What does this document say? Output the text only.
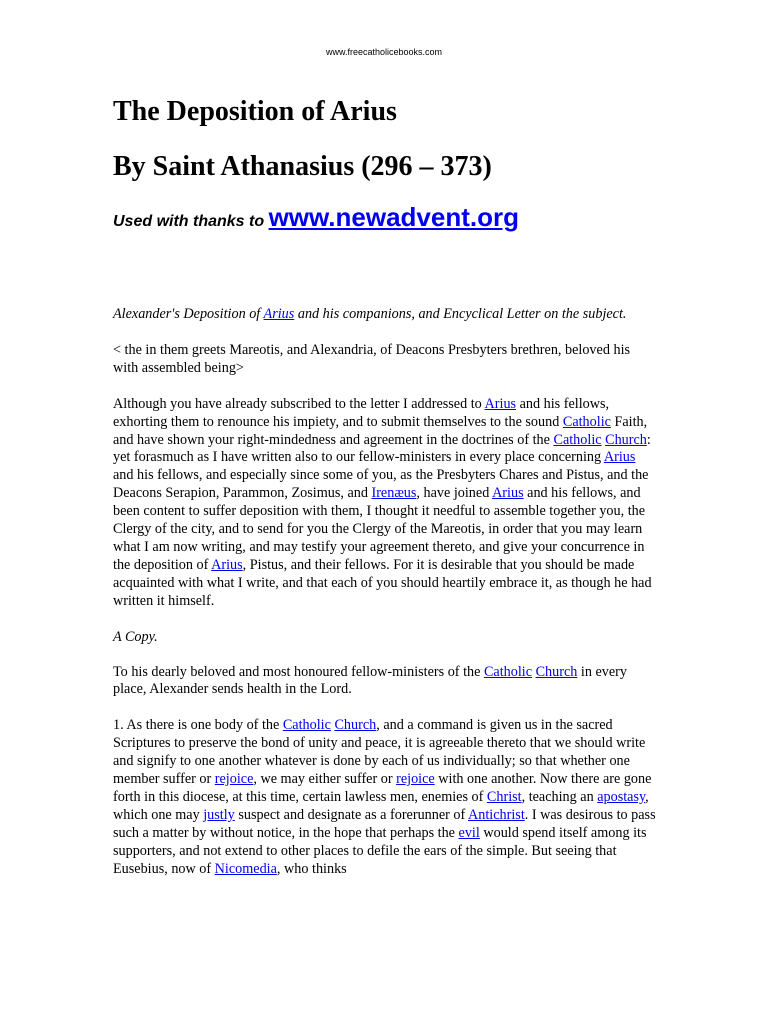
www.freecatholicebooks.com
The Deposition of Arius
By Saint Athanasius (296 – 373)
Used with thanks to www.newadvent.org

Alexander's Deposition of Arius and his companions, and Encyclical Letter on the subject.

< the in them greets Mareotis, and Alexandria, of Deacons Presbyters brethren, beloved his with assembled being>

Although you have already subscribed to the letter I addressed to Arius and his fellows, exhorting them to renounce his impiety, and to submit themselves to the sound Catholic Faith, and have shown your right-mindedness and agreement in the doctrines of the Catholic Church: yet forasmuch as I have written also to our fellow-ministers in every place concerning Arius and his fellows, and especially since some of you, as the Presbyters Chares and Pistus, and the Deacons Serapion, Parammon, Zosimus, and Irenæus, have joined Arius and his fellows, and been content to suffer deposition with them, I thought it needful to assemble together you, the Clergy of the city, and to send for you the Clergy of the Mareotis, in order that you may learn what I am now writing, and may testify your agreement thereto, and give your concurrence in the deposition of Arius, Pistus, and their fellows. For it is desirable that you should be made acquainted with what I write, and that each of you should heartily embrace it, as though he had written it himself.

A Copy.

To his dearly beloved and most honoured fellow-ministers of the Catholic Church in every place, Alexander sends health in the Lord.

1. As there is one body of the Catholic Church, and a command is given us in the sacred Scriptures to preserve the bond of unity and peace, it is agreeable thereto that we should write and signify to one another whatever is done by each of us individually; so that whether one member suffer or rejoice, we may either suffer or rejoice with one another. Now there are gone forth in this diocese, at this time, certain lawless men, enemies of Christ, teaching an apostasy, which one may justly suspect and designate as a forerunner of Antichrist. I was desirous to pass such a matter by without notice, in the hope that perhaps the evil would spend itself among its supporters, and not extend to other places to defile the ears of the simple. But seeing that Eusebius, now of Nicomedia, who thinks
